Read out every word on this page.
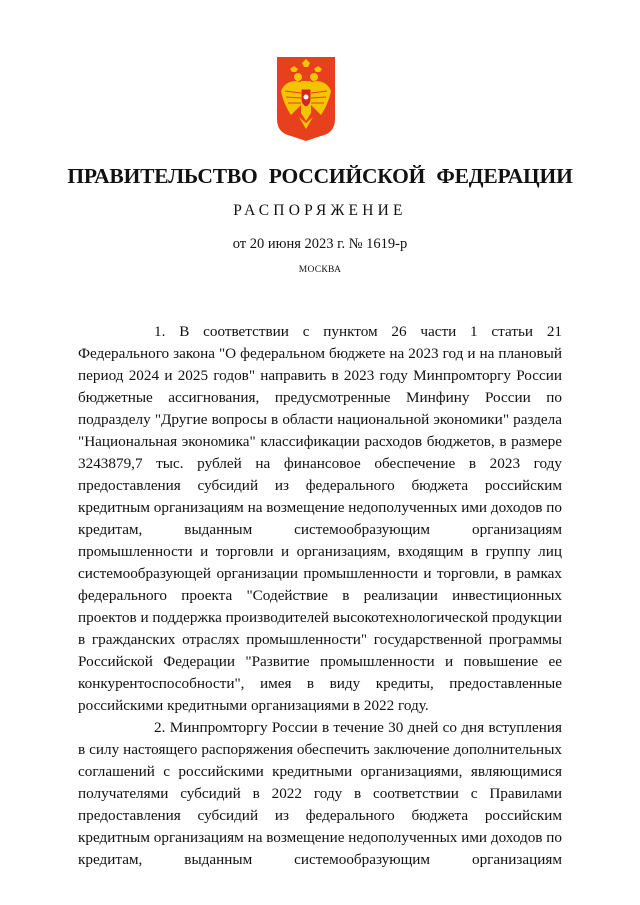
ПРАВИТЕЛЬСТВО РОССИЙСКОЙ ФЕДЕРАЦИИ
РАСПОРЯЖЕНИЕ
от 20 июня 2023 г. № 1619-р
МОСКВА

1. В соответствии с пунктом 26 части 1 статьи 21 Федерального закона "О федеральном бюджете на 2023 год и на плановый период 2024 и 2025 годов" направить в 2023 году Минпромторгу России бюджетные ассигнования, предусмотренные Минфину России по подразделу "Другие вопросы в области национальной экономики" раздела "Национальная экономика" классификации расходов бюджетов, в размере 3243879,7 тыс. рублей на финансовое обеспечение в 2023 году предоставления субсидий из федерального бюджета российским кредитным организациям на возмещение недополученных ими доходов по кредитам, выданным системообразующим организациям промышленности и торговли и организациям, входящим в группу лиц системообразующей организации промышленности и торговли, в рамках федерального проекта "Содействие в реализации инвестиционных проектов и поддержка производителей высокотехнологической продукции в гражданских отраслях промышленности" государственной программы Российской Федерации "Развитие промышленности и повышение ее конкурентоспособности", имея в виду кредиты, предоставленные российскими кредитными организациями в 2022 году.

2. Минпромторгу России в течение 30 дней со дня вступления в силу настоящего распоряжения обеспечить заключение дополнительных соглашений с российскими кредитными организациями, являющимися получателями субсидий в 2022 году в соответствии с Правилами предоставления субсидий из федерального бюджета российским кредитным организациям на возмещение недополученных ими доходов по кредитам, выданным системообразующим организациям
